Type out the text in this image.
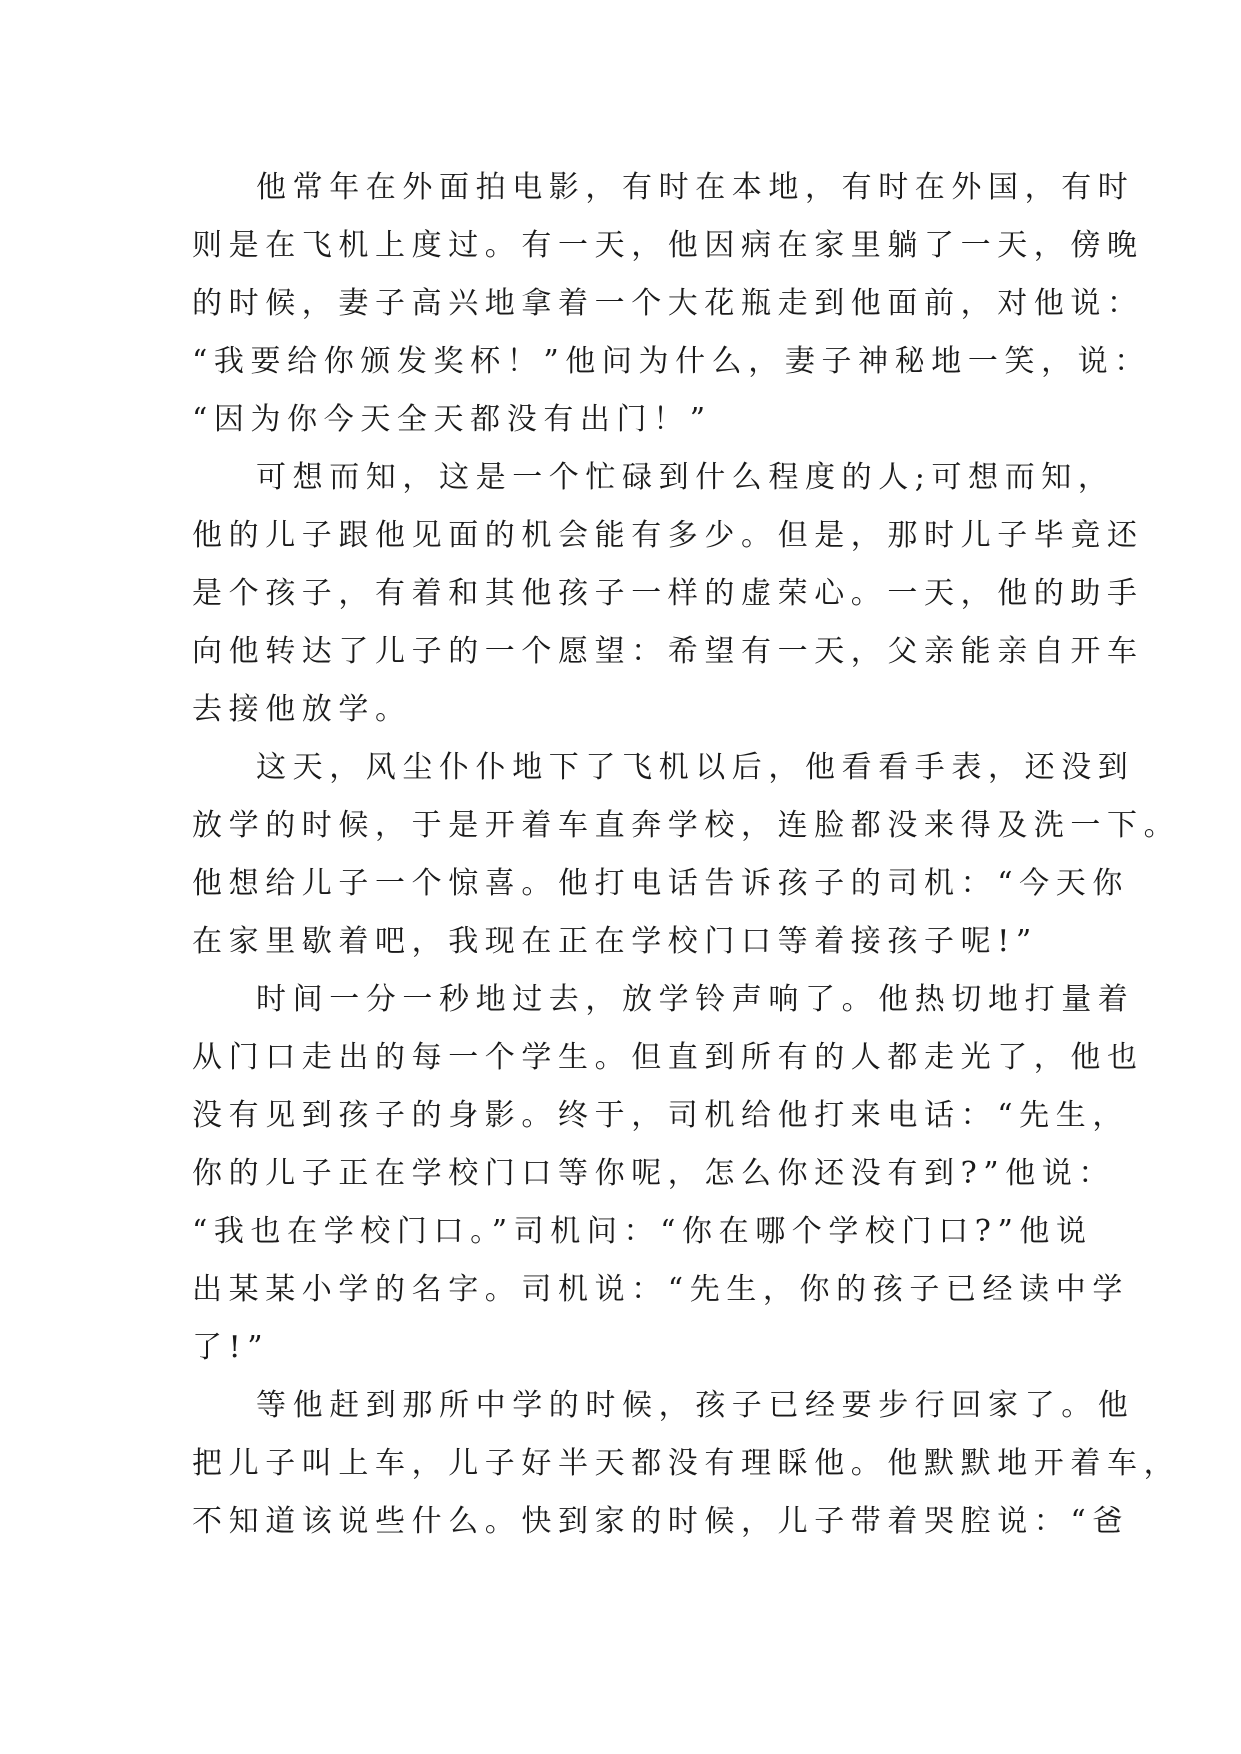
他常年在外面拍电影，有时在本地，有时在外国，有时
则是在飞机上度过。有一天，他因病在家里躺了一天，傍晚
的时候，妻子高兴地拿着一个大花瓶走到他面前，对他说：
“我要给你颁发奖杯！”他问为什么，妻子神秘地一笑，说：
“因为你今天全天都没有出门！”
可想而知，这是一个忙碌到什么程度的人;可想而知，
他的儿子跟他见面的机会能有多少。但是，那时儿子毕竟还
是个孩子，有着和其他孩子一样的虚荣心。一天，他的助手
向他转达了儿子的一个愿望：希望有一天，父亲能亲自开车
去接他放学。
这天，风尘仆仆地下了飞机以后，他看看手表，还没到
放学的时候，于是开着车直奔学校，连脸都没来得及洗一下。
他想给儿子一个惊喜。他打电话告诉孩子的司机：“今天你
在家里歇着吧，我现在正在学校门口等着接孩子呢!”
时间一分一秒地过去，放学铃声响了。他热切地打量着
从门口走出的每一个学生。但直到所有的人都走光了，他也
没有见到孩子的身影。终于，司机给他打来电话：“先生，
你的儿子正在学校门口等你呢，怎么你还没有到?”他说：
“我也在学校门口。”司机问：“你在哪个学校门口?”他说
出某某小学的名字。司机说：“先生，你的孩子已经读中学
了!”
等他赶到那所中学的时候，孩子已经要步行回家了。他
把儿子叫上车，儿子好半天都没有理睬他。他默默地开着车，
不知道该说些什么。快到家的时候，儿子带着哭腔说：“爸
